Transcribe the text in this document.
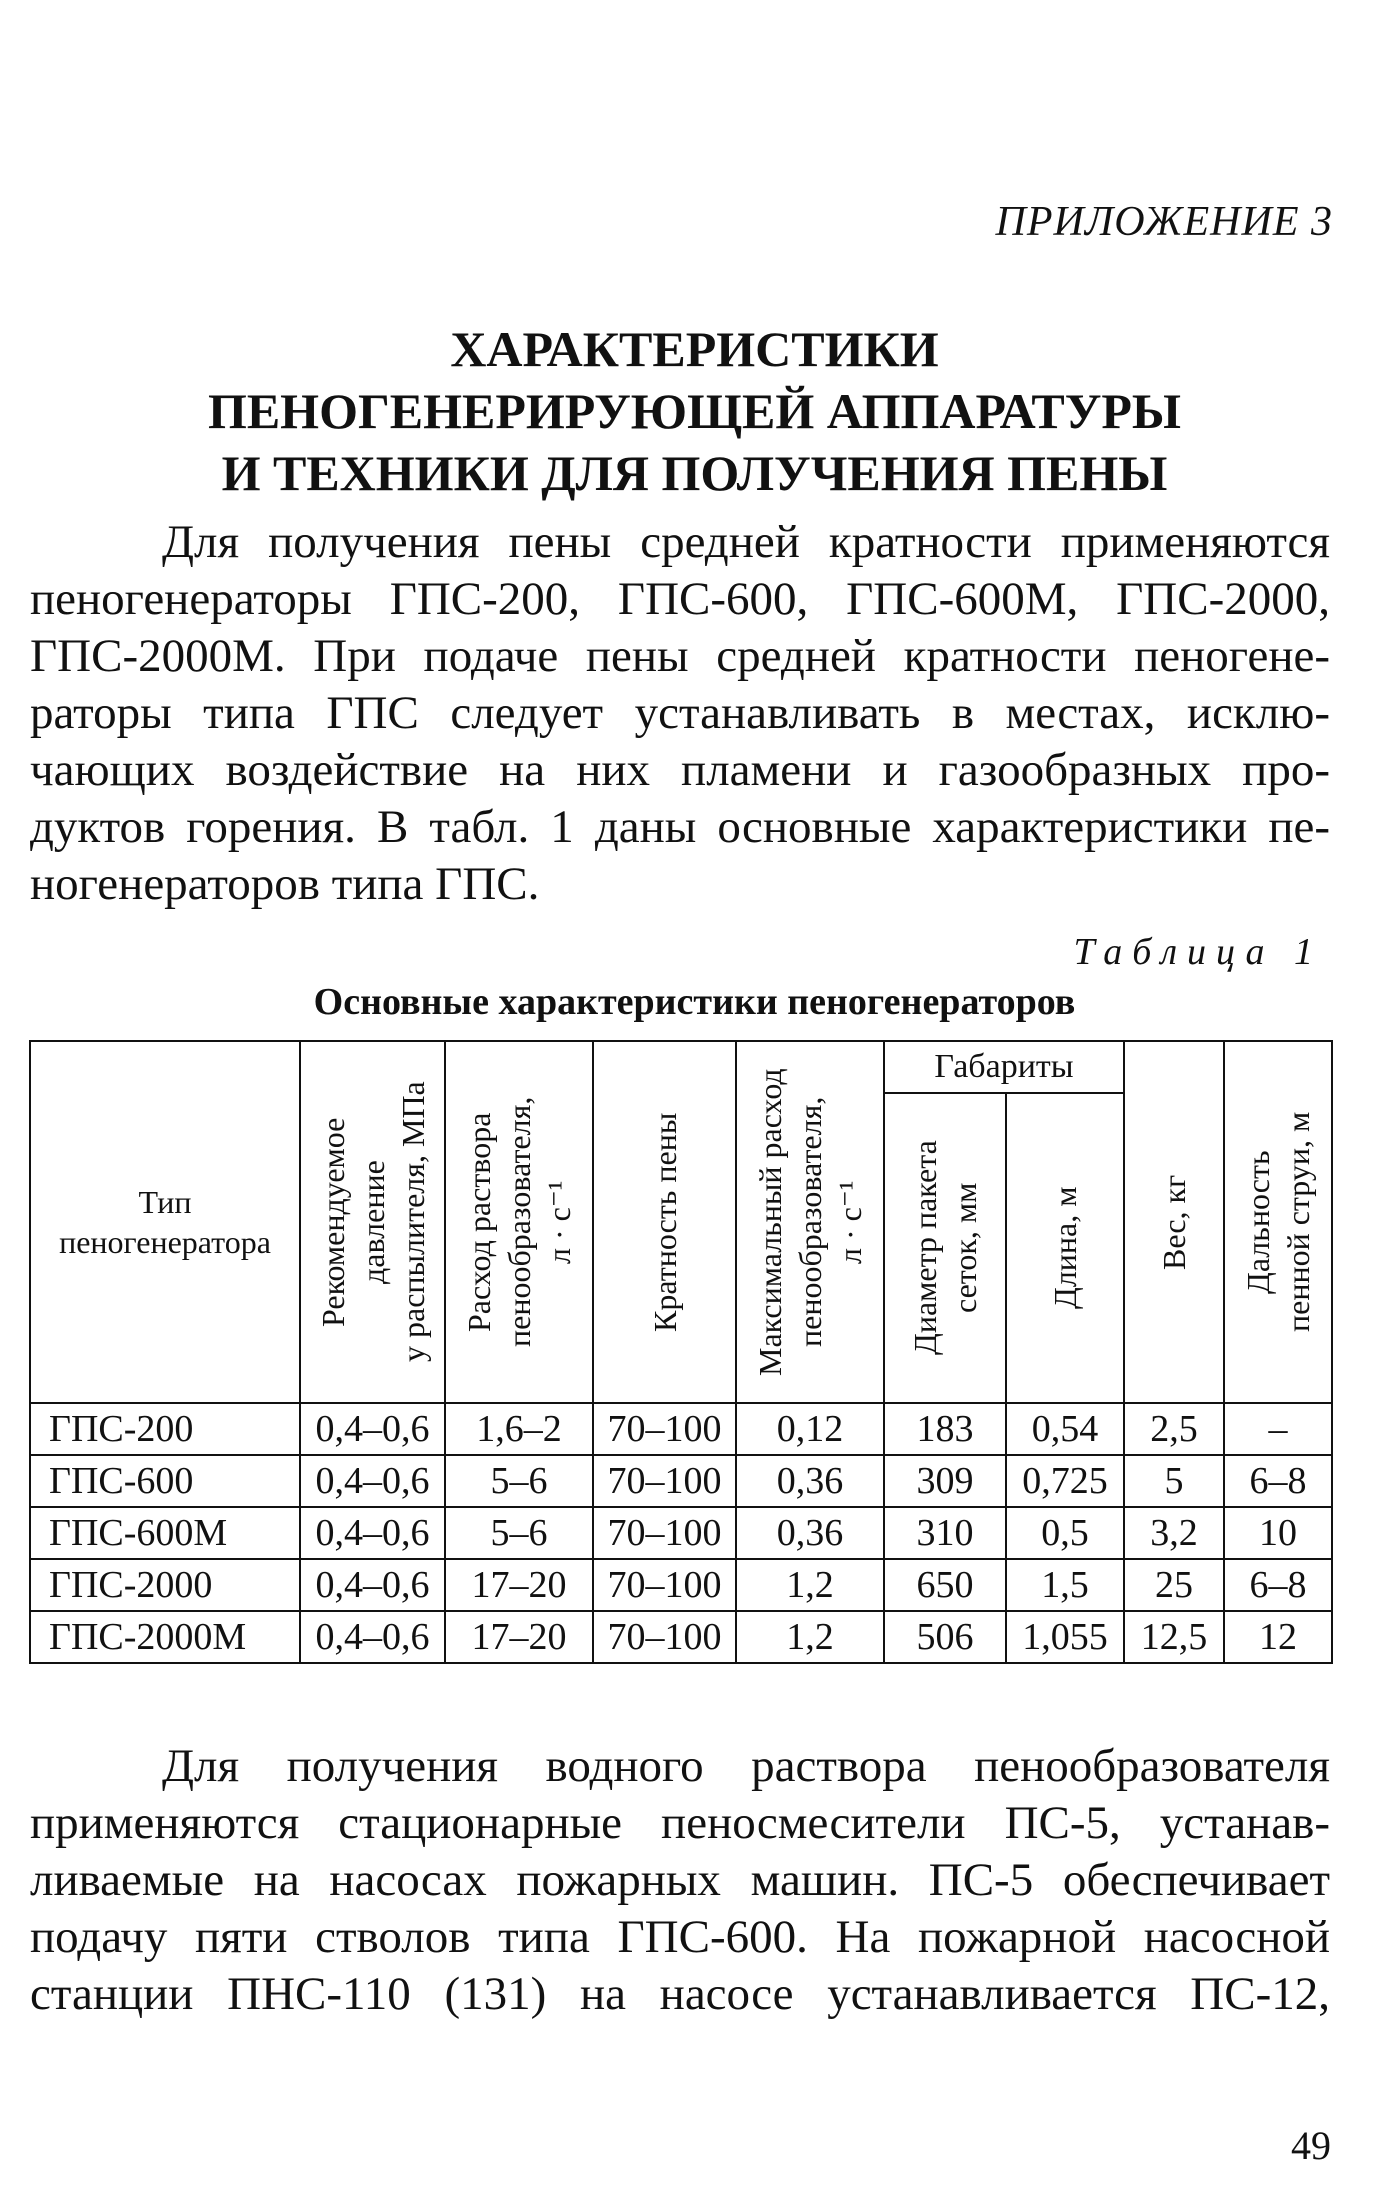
ПРИЛОЖЕНИЕ 3
ХАРАКТЕРИСТИКИ
ПЕНОГЕНЕРИРУЮЩЕЙ АППАРАТУРЫ
И ТЕХНИКИ ДЛЯ ПОЛУЧЕНИЯ ПЕНЫ
Для получения пены средней кратности применяются
пеногенераторы ГПС-200, ГПС-600, ГПС-600М, ГПС-2000,
ГПС-2000М. При подаче пены средней кратности пеногене-
раторы типа ГПС следует устанавливать в местах, исклю-
чающих воздействие на них пламени и газообразных про-
дуктов горения. В табл. 1 даны основные характеристики пе-
ногенераторов типа ГПС.
Таблица 1
Основные характеристики пеногенераторов
Тип пеногенератора	Рекомендуемое давление у распылителя, МПа	Расход раствора пенообразователя, л · с⁻¹	Кратность пены	Максимальный расход пенообразователя, л · с⁻¹	Габариты		Вес, кг	Дальность пенной струи, м

					Диаметр пакета сеток, мм	Длина, м		

ГПС-200	0,4–0,6	1,6–2	70–100	0,12	183	0,54	2,5	–
ГПС-600	0,4–0,6	5–6	70–100	0,36	309	0,725	5	6–8
ГПС-600М	0,4–0,6	5–6	70–100	0,36	310	0,5	3,2	10
ГПС-2000	0,4–0,6	17–20	70–100	1,2	650	1,5	25	6–8
ГПС-2000М	0,4–0,6	17–20	70–100	1,2	506	1,055	12,5	12
Для получения водного раствора пенообразователя
применяются стационарные пеносмесители ПС-5, устанав-
ливаемые на насосах пожарных машин. ПС-5 обеспечивает
подачу пяти стволов типа ГПС-600. На пожарной насосной
станции ПНС-110 (131) на насосе устанавливается ПС-12,
49
